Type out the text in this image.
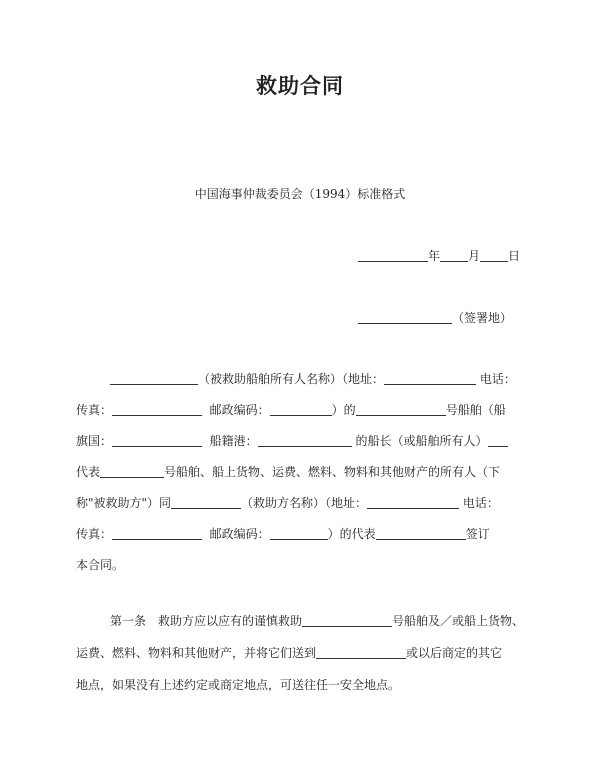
救助合同
中国海事仲裁委员会（1994）标准格式
年 月 日
（签署地）
（被救助船舶所有人名称）（地址：	电话：
传真：	邮政编码：	）的	号船舶（船
旗国：	船籍港：	的船长（或船舶所有人）
代表	号船舶、船上货物、运费、燃料、物料和其他财产的所有人（下
称"被救助方"）同	（救助方名称）（地址：	电话：
传真：	邮政编码：	）的代表	签订
本合同。
第一条　救助方应以应有的谨慎救助	号船舶及／或船上货物、
运费、燃料、物料和其他财产，并将它们送到	或以后商定的其它
地点，如果没有上述约定或商定地点，可送往任一安全地点。
